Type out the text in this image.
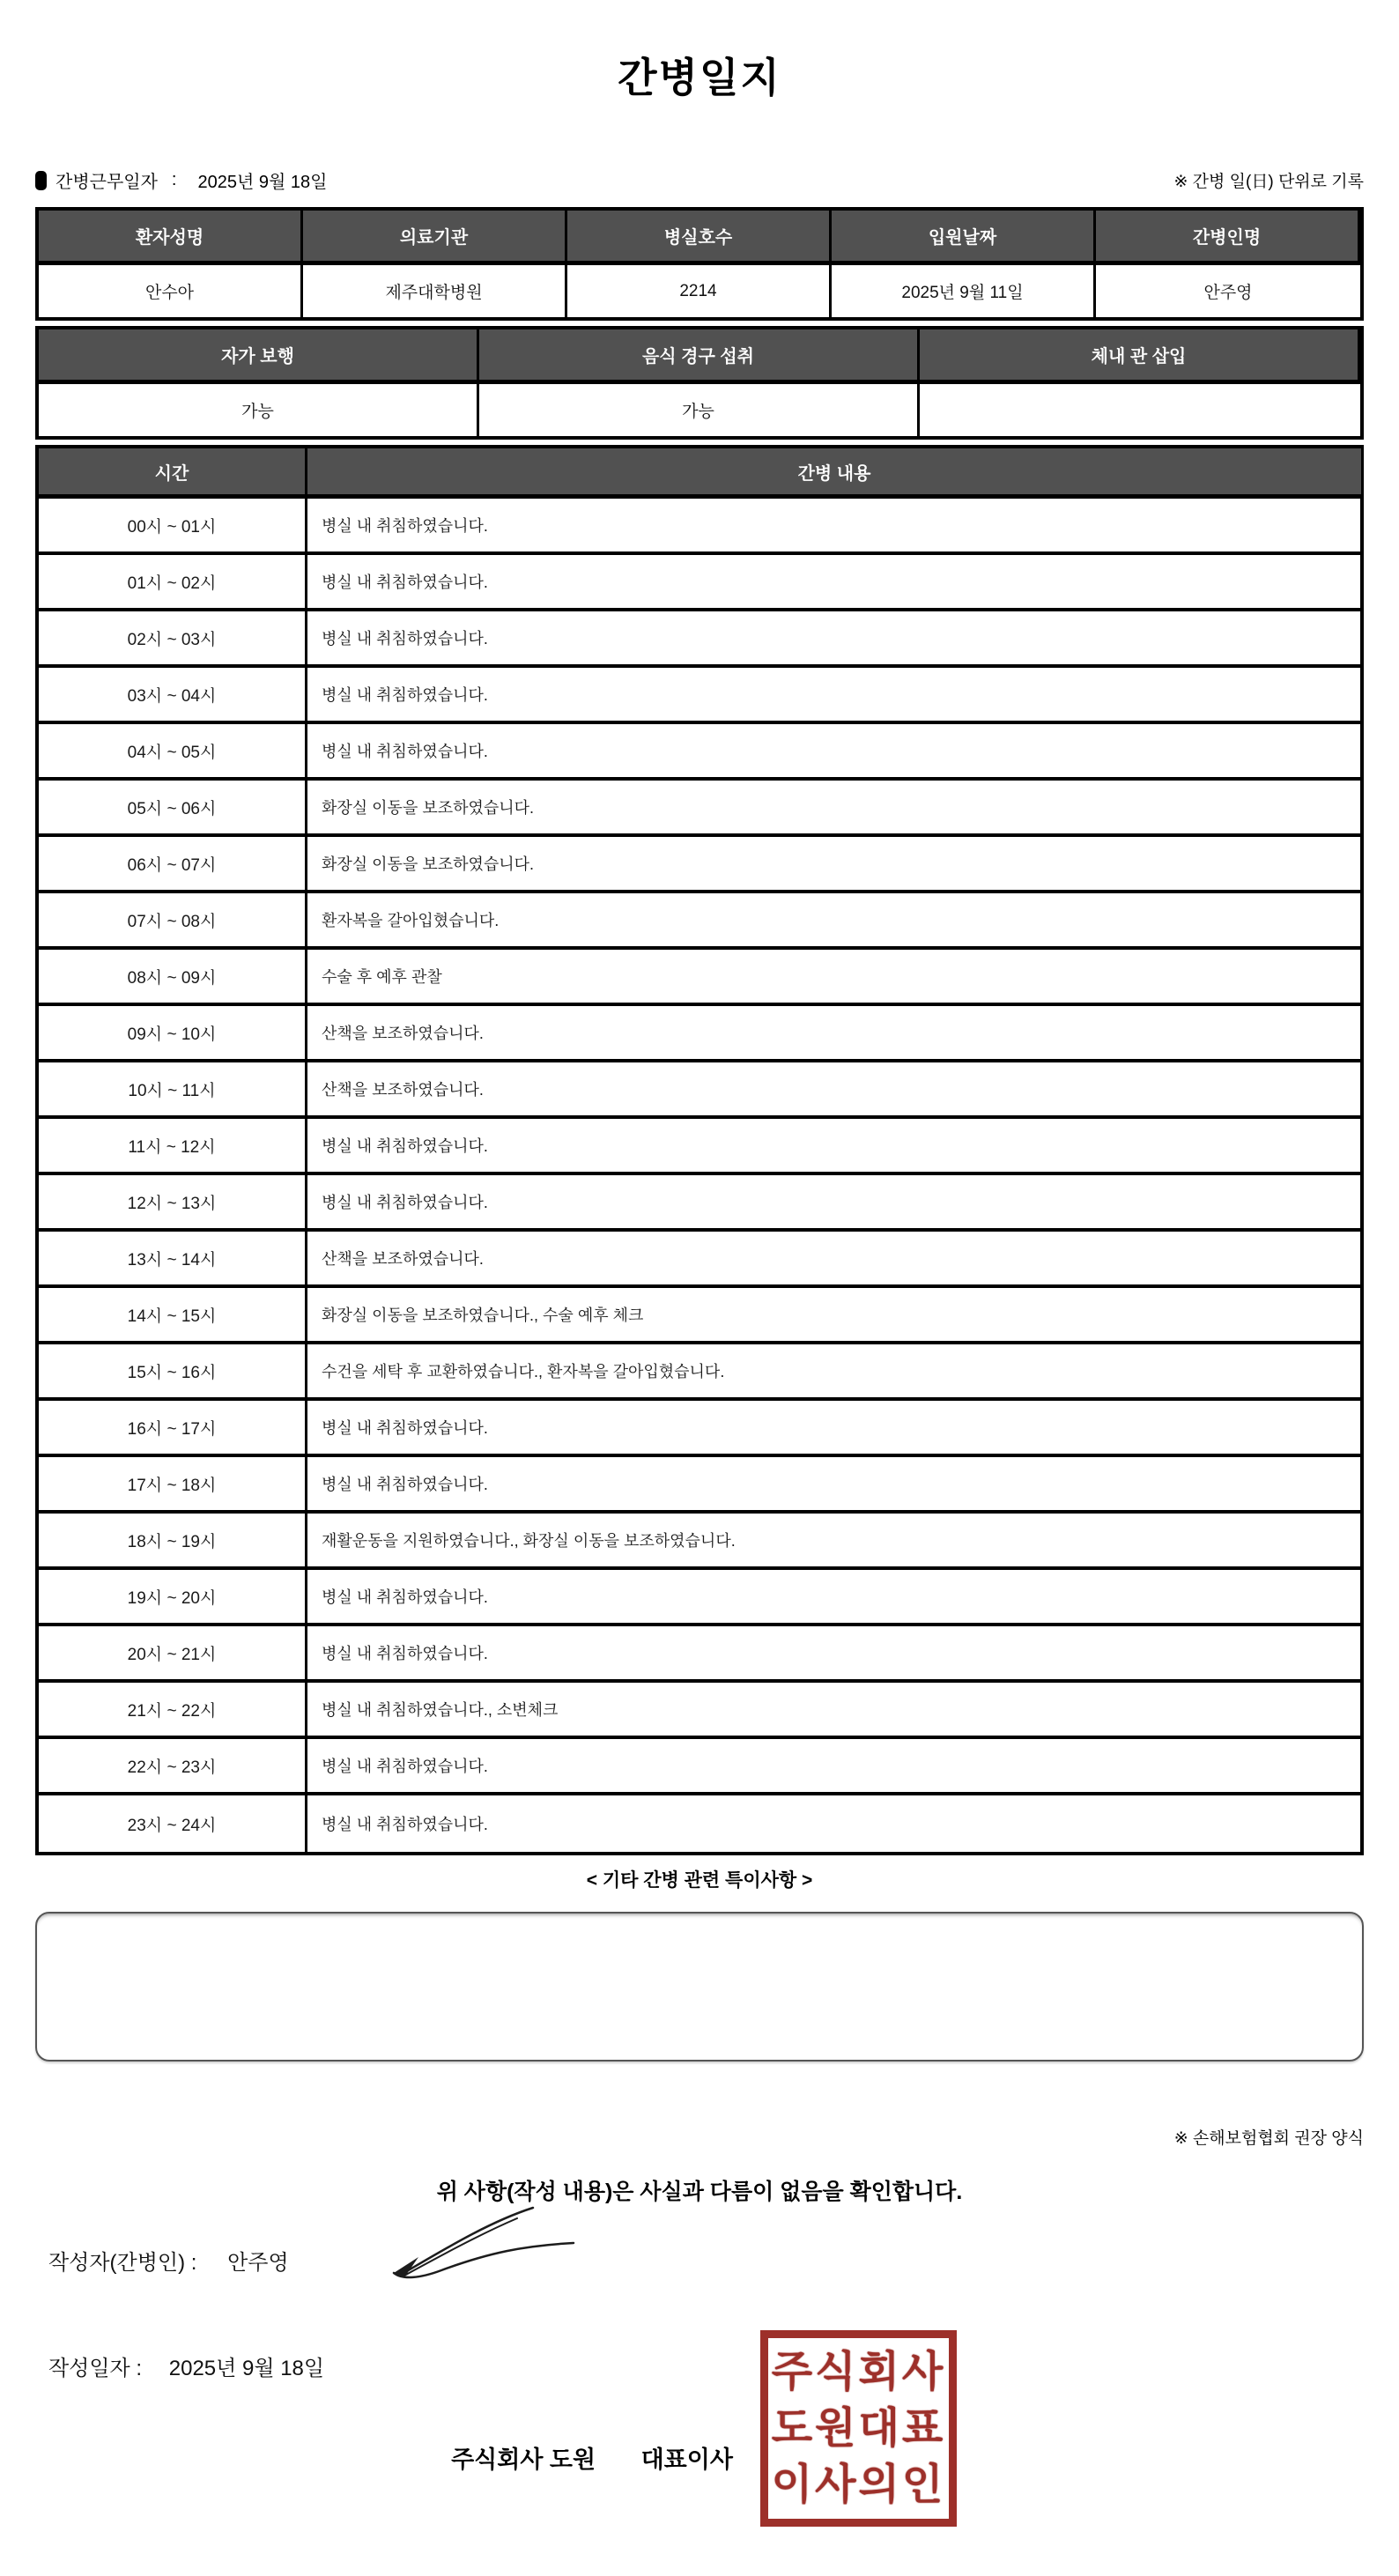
간병일지
간병근무일자 : 2025년 9월 18일	※ 간병 일(日) 단위로 기록
환자성명	의료기관	병실호수	입원날짜	간병인명
안수아	제주대학병원	2214	2025년 9월 11일	안주영
자가 보행	음식 경구 섭취	체내 관 삽입
가능	가능
시간	간병 내용
00시 ~ 01시	병실 내 취침하였습니다.
01시 ~ 02시	병실 내 취침하였습니다.
02시 ~ 03시	병실 내 취침하였습니다.
03시 ~ 04시	병실 내 취침하였습니다.
04시 ~ 05시	병실 내 취침하였습니다.
05시 ~ 06시	화장실 이동을 보조하였습니다.
06시 ~ 07시	화장실 이동을 보조하였습니다.
07시 ~ 08시	환자복을 갈아입혔습니다.
08시 ~ 09시	수술 후 예후 관찰
09시 ~ 10시	산책을 보조하였습니다.
10시 ~ 11시	산책을 보조하였습니다.
11시 ~ 12시	병실 내 취침하였습니다.
12시 ~ 13시	병실 내 취침하였습니다.
13시 ~ 14시	산책을 보조하였습니다.
14시 ~ 15시	화장실 이동을 보조하였습니다., 수술 예후 체크
15시 ~ 16시	수건을 세탁 후 교환하였습니다., 환자복을 갈아입혔습니다.
16시 ~ 17시	병실 내 취침하였습니다.
17시 ~ 18시	병실 내 취침하였습니다.
18시 ~ 19시	재활운동을 지원하였습니다., 화장실 이동을 보조하였습니다.
19시 ~ 20시	병실 내 취침하였습니다.
20시 ~ 21시	병실 내 취침하였습니다.
21시 ~ 22시	병실 내 취침하였습니다., 소변체크
22시 ~ 23시	병실 내 취침하였습니다.
23시 ~ 24시	병실 내 취침하였습니다.
< 기타 간병 관련 특이사항 >
※ 손해보험협회 권장 양식
위 사항(작성 내용)은 사실과 다름이 없음을 확인합니다.
작성자(간병인) : 안주영
작성일자 : 2025년 9월 18일
주식회사 도원 대표이사
주식회사
도원대표
이사의인
